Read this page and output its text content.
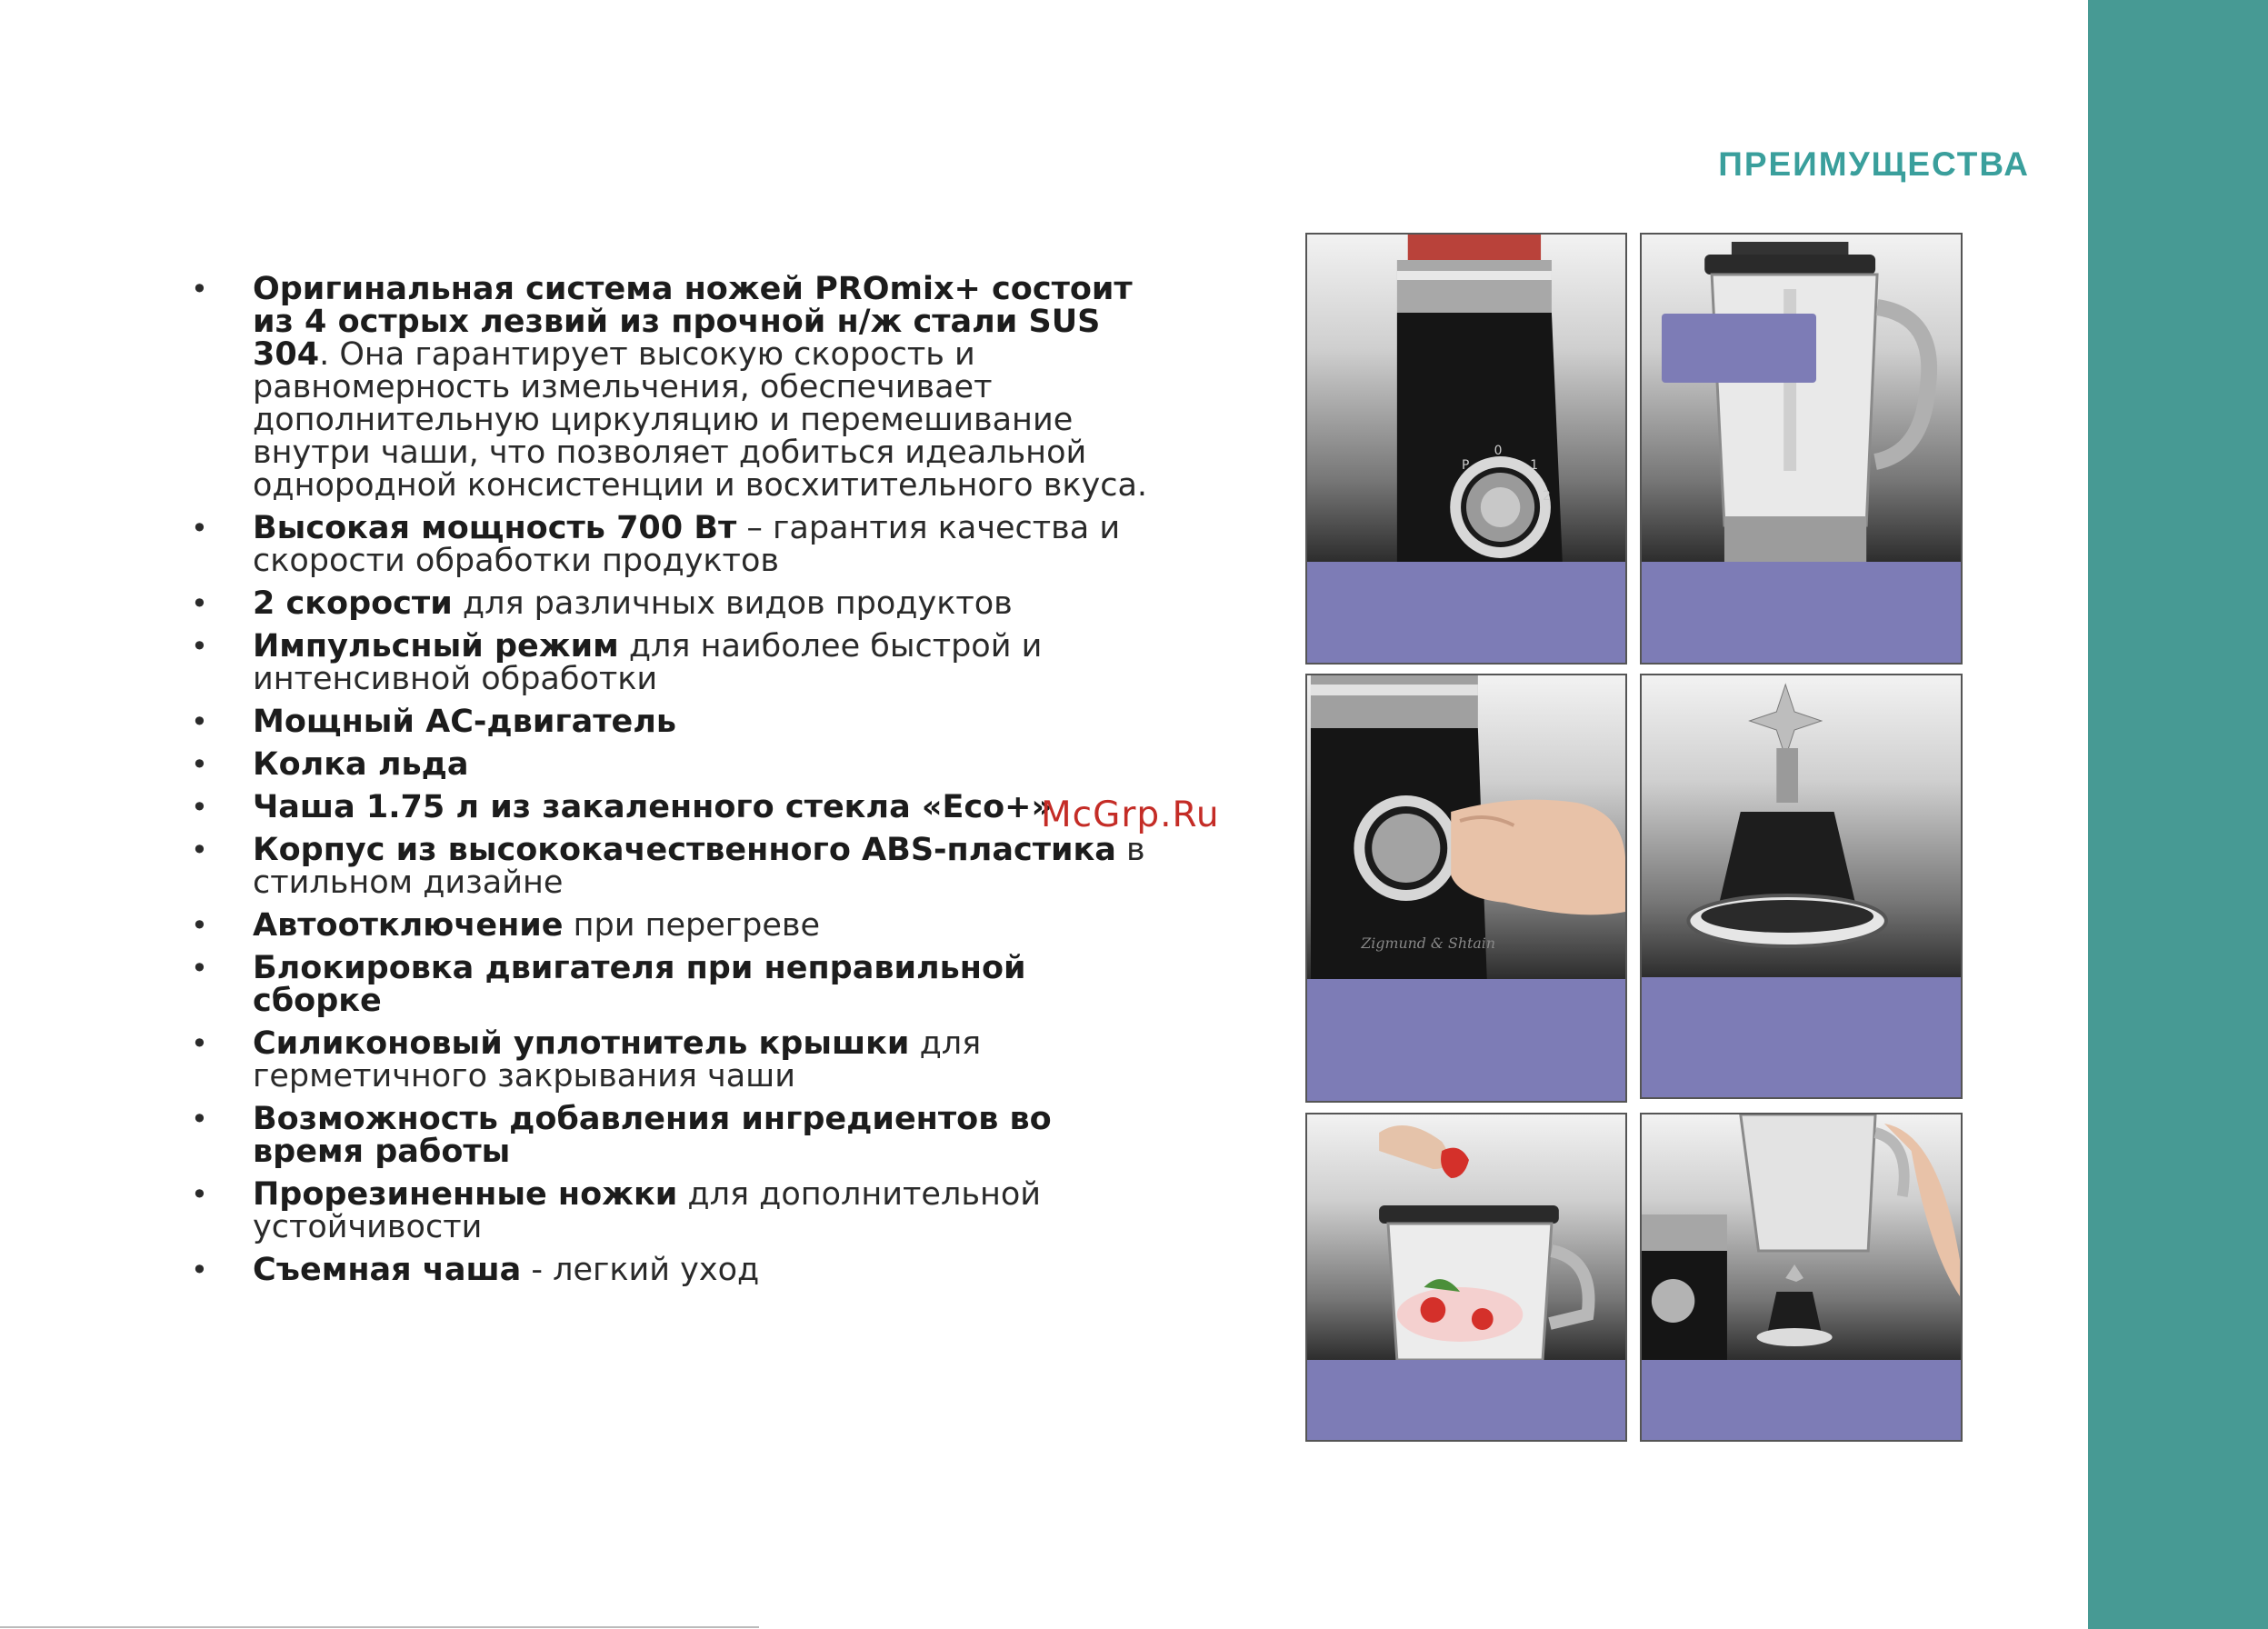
ПРЕИМУЩЕСТВА
• Оригинальная система ножей PROmix+ состоит из 4 острых лезвий из прочной н/ж стали SUS 304. Она гарантирует высокую скорость и равномерность измельчения, обеспечивает дополнительную циркуляцию и перемешивание внутри чаши, что позволяет добиться идеальной однородной консистенции и восхитительного вкуса.
• Высокая мощность 700 Вт – гарантия качества и скорости обработки продуктов
• 2 скорости для различных видов продуктов
• Импульсный режим для наиболее быстрой и интенсивной обработки
• Мощный АС-двигатель
• Колка льда
• Чаша 1.75 л из закаленного стекла «Eco+»
• Корпус из высококачественного ABS-пластика в стильном дизайне
• Автоотключение при перегреве
• Блокировка двигателя при неправильной сборке
• Силиконовый уплотнитель крышки для герметичного закрывания чаши
• Возможность добавления ингредиентов во время работы
• Прорезиненные ножки для дополнительной устойчивости
• Съемная чаша - легкий уход
McGrp.Ru
P
0
1
2
Zigmund & Shtain
